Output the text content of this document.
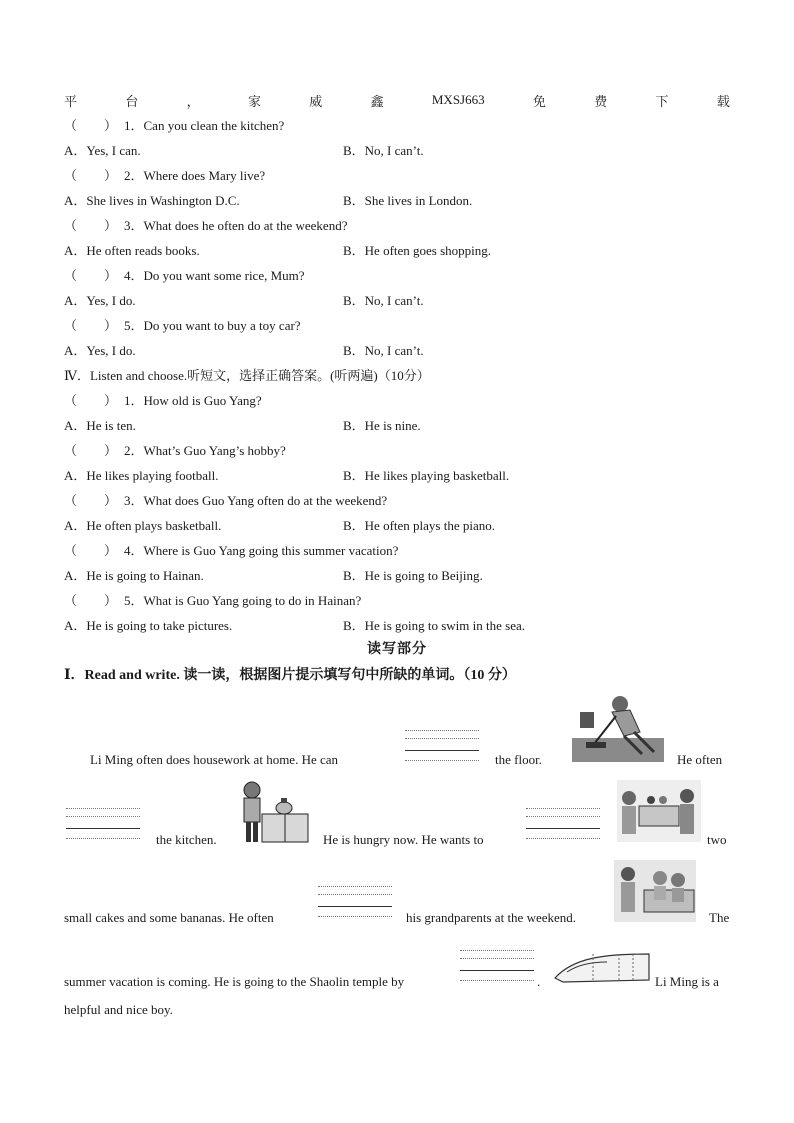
平	台	，	家	威	鑫	MXSJ663	免	费	下	载
（ ） 1． Can you clean the kitchen?
A．Yes, I can.	B．No, I can’t.
（ ） 2． Where does Mary live?
A．She lives in Washington D.C.	B．She lives in London.
（ ） 3． What does he often do at the weekend?
A．He often reads books.	B．He often goes shopping.
（ ） 4． Do you want some rice, Mum?
A．Yes, I do.	B．No, I can’t.
（ ） 5． Do you want to buy a toy car?
A．Yes, I do.	B．No, I can’t.
Ⅳ．Listen and choose.听短文，选择正确答案。(听两遍)（10分）
（ ） 1． How old is Guo Yang?
A．He is ten.	B．He is nine.
（ ） 2． What’s Guo Yang’s hobby?
A．He likes playing football.	B．He likes playing basketball.
（ ） 3． What does Guo Yang often do at the weekend?
A．He often plays basketball.	B．He often plays the piano.
（ ） 4． Where is Guo Yang going this summer vacation?
A．He is going to Hainan.	B．He is going to Beijing.
（ ） 5． What is Guo Yang going to do in Hainan?
A．He is going to take pictures.	B．He is going to swim in the sea.
读写部分
Ⅰ．Read and write. 读一读，根据图片提示填写句中所缺的单词。（10 分）
Li Ming often does housework at home. He can	the floor.	He often
the kitchen.	He is hungry now. He wants to	two
small cakes and some bananas. He often	his grandparents at the weekend.	The
summer vacation is coming. He is going to the Shaolin temple by	.	Li Ming is a
helpful and nice boy.
